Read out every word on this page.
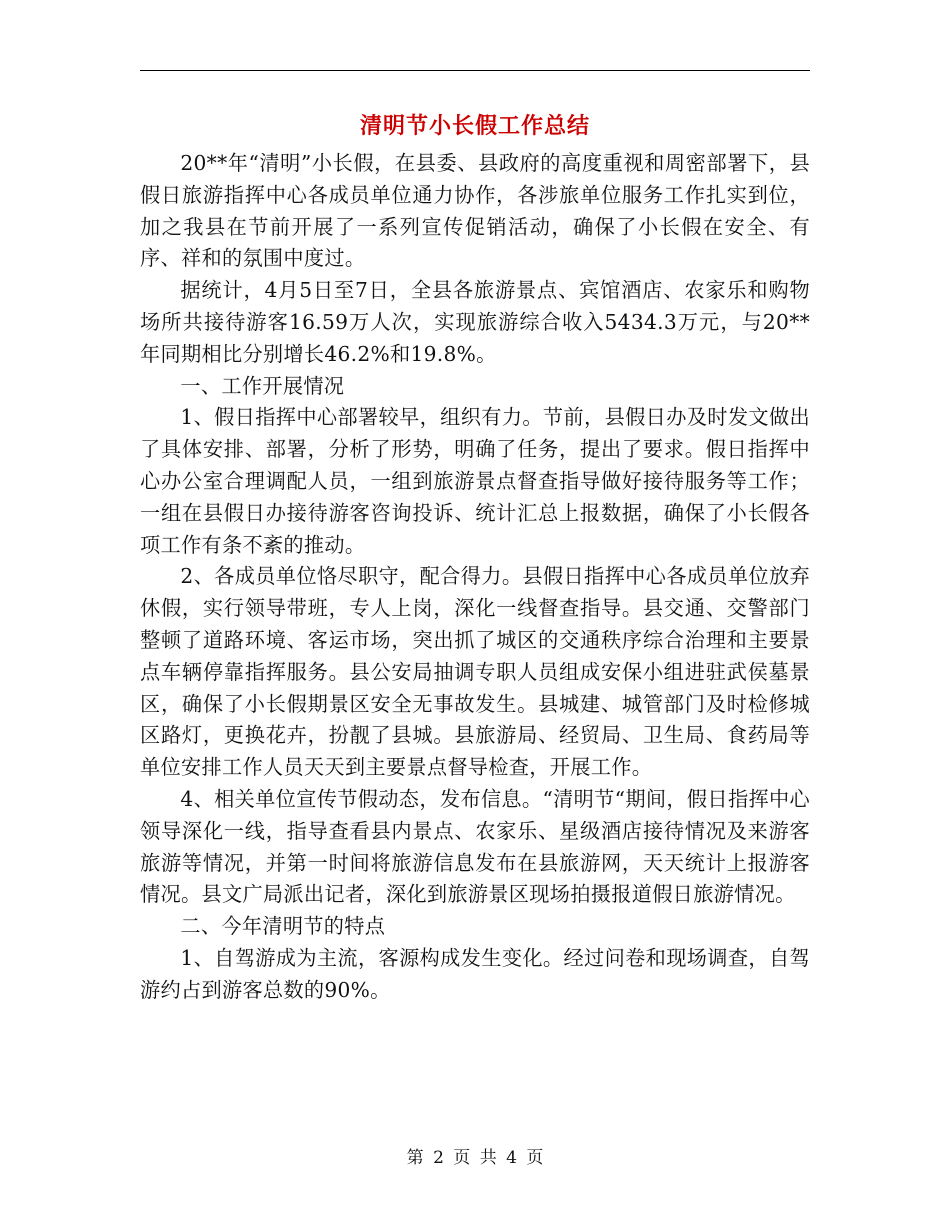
清明节小长假工作总结

20**年“清明”小长假，在县委、县政府的高度重视和周密部署下，县假日旅游指挥中心各成员单位通力协作，各涉旅单位服务工作扎实到位，加之我县在节前开展了一系列宣传促销活动，确保了小长假在安全、有序、祥和的氛围中度过。

据统计，4月5日至7日，全县各旅游景点、宾馆酒店、农家乐和购物场所共接待游客16.59万人次，实现旅游综合收入5434.3万元，与20**年同期相比分别增长46.2%和19.8%。

一、工作开展情况

1、假日指挥中心部署较早，组织有力。节前，县假日办及时发文做出了具体安排、部署，分析了形势，明确了任务，提出了要求。假日指挥中心办公室合理调配人员，一组到旅游景点督查指导做好接待服务等工作；一组在县假日办接待游客咨询投诉、统计汇总上报数据，确保了小长假各项工作有条不紊的推动。

2、各成员单位恪尽职守，配合得力。县假日指挥中心各成员单位放弃休假，实行领导带班，专人上岗，深化一线督查指导。县交通、交警部门整顿了道路环境、客运市场，突出抓了城区的交通秩序综合治理和主要景点车辆停靠指挥服务。县公安局抽调专职人员组成安保小组进驻武侯墓景区，确保了小长假期景区安全无事故发生。县城建、城管部门及时检修城区路灯，更换花卉，扮靓了县城。县旅游局、经贸局、卫生局、食药局等单位安排工作人员天天到主要景点督导检查，开展工作。

4、相关单位宣传节假动态，发布信息。“清明节“期间，假日指挥中心领导深化一线，指导查看县内景点、农家乐、星级酒店接待情况及来游客旅游等情况，并第一时间将旅游信息发布在县旅游网，天天统计上报游客情况。县文广局派出记者，深化到旅游景区现场拍摄报道假日旅游情况。

二、今年清明节的特点

1、自驾游成为主流，客源构成发生变化。经过问卷和现场调查，自驾游约占到游客总数的90%。

第 2 页 共 4 页
